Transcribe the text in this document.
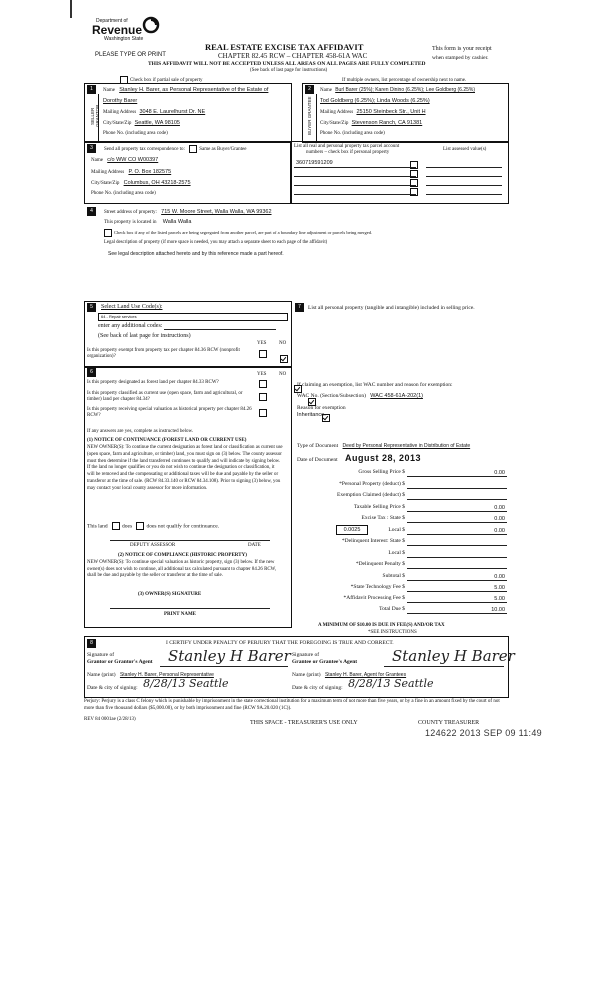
Department of
Revenue
Washington State
PLEASE TYPE OR PRINT
REAL ESTATE EXCISE TAX AFFIDAVIT
CHAPTER 82.45 RCW – CHAPTER 458-61A WAC
THIS AFFIDAVIT WILL NOT BE ACCEPTED UNLESS ALL AREAS ON ALL PAGES ARE FULLY COMPLETED
(See back of last page for instructions)
This form is your receipt
when stamped by cashier.
Check box if partial sale of property	If multiple owners, list percentage of ownership next to name.
1
SELLER GRANTOR
Name Stanley H. Barer, as Personal Representative of the Estate of
Dorothy Barer
Mailing Address 3048 E. Laurelhurst Dr. NE
City/State/Zip Seattle, WA 98105
Phone No. (including area code)
2
BUYER GRANTEE
Name Burl Barer (25%); Karen Dinino (6.25%); Lee Goldberg (6.25%)
Tod Goldberg (6.25%); Linda Woods (6.25%)
Mailing Address 25150 Steinbeck Str., Unit H
City/State/Zip Stevenson Ranch, CA 91381
Phone No. (including area code)
3	Send all property tax correspondence to:	Same as Buyer/Grantee
Name c/o WW CO W00397
Mailing Address P. O. Box 182575
City/State/Zip Columbus, OH 43218-2575
Phone No. (including area code)
List all real and personal property tax parcel account
numbers – check box if personal property
List assessed value(s)
360719591209
4	Street address of property: 715 W. Moore Street, Walla Walla, WA 99362
This property is located in Walla Walla
Check box if any of the listed parcels are being segregated from another parcel, are part of a boundary line adjustment or parcels being merged.
Legal description of property (if more space is needed, you may attach a separate sheet to each page of the affidavit)
See legal description attached hereto and by this reference made a part hereof.
5	Select Land Use Code(s):
64 - Repair services
enter any additional codes:
(See back of last page for instructions)
YES	NO
Is this property exempt from property tax per chapter 84.36 RCW (nonprofit organization)?

6	YES	NO
Is this property designated as forest land per chapter 84.33 RCW?

Is this property classified as current use (open space, farm and agricultural, or timber) land per chapter 84.34?

Is this property receiving special valuation as historical property per chapter 84.26 RCW?
If any answers are yes, complete as instructed below.
(1) NOTICE OF CONTINUANCE (FOREST LAND OR CURRENT USE)
NEW OWNER(S): To continue the current designation as forest land or classification as current use (open space, farm and agriculture, or timber) land, you must sign on (3) below. The county assessor must then determine if the land transferred continues to qualify and will indicate by signing below. If the land no longer qualifies or you do not wish to continue the designation or classification, it will be removed and the compensating or additional taxes will be due and payable by the seller or transferor at the time of sale. (RCW 84.33.140 or RCW 84.34.108). Prior to signing (3) below, you may contact your local county assessor for more information.
This land	does	does not qualify for continuance.
DEPUTY ASSESSOR	DATE
(2) NOTICE OF COMPLIANCE (HISTORIC PROPERTY)
NEW OWNER(S): To continue special valuation as historic property, sign (3) below. If the new owner(s) does not wish to continue, all additional tax calculated pursuant to chapter 84.26 RCW, shall be due and payable by the seller or transferor at the time of sale.
(3) OWNER(S) SIGNATURE
PRINT NAME
7	List all personal property (tangible and intangible) included in selling price.
If claiming an exemption, list WAC number and reason for exemption:
WAC No. (Section/Subsection) WAC 458-61A-202(1)
Reason for exemption
Inheritance.
Type of Document Deed by Personal Representative in Distribution of Estate
Date of Document August 28, 2013
Gross Selling Price $	0.00
*Personal Property (deduct) $
Exemption Claimed (deduct) $
Taxable Selling Price $	0.00
Excise Tax : State $	0.00
0.0025	Local $	0.00
*Delinquent Interest: State $
Local $
*Delinquent Penalty $
Subtotal $	0.00
*State Technology Fee $	5.00
*Affidavit Processing Fee $	5.00
Total Due $	10.00
A MINIMUM OF $10.00 IS DUE IN FEE(S) AND/OR TAX
*SEE INSTRUCTIONS
8	I CERTIFY UNDER PENALTY OF PERJURY THAT THE FOREGOING IS TRUE AND CORRECT.
Signature of
Grantor or Grantor's Agent Stanley H Barer Signature of
Grantee or Grantee's Agent Stanley H Barer
Name (print) Stanley H. Barer, Personal Representative	Name (print) Stanley H. Barer, Agent for Grantees
Date & city of signing: 8/28/13 Seattle	Date & city of signing: 8/28/13 Seattle
Perjury: Perjury is a class C felony which is punishable by imprisonment in the state correctional institution for a maximum term of not more than five years, or by a fine in an amount fixed by the court of not more than five thousand dollars ($5,000.00), or by both imprisonment and fine (RCW 9A.20.020 (1C)).
REV 84 0001ae (2/28/13)
THIS SPACE - TREASURER'S USE ONLY	COUNTY TREASURER
124622 2013 SEP 09 11:49
